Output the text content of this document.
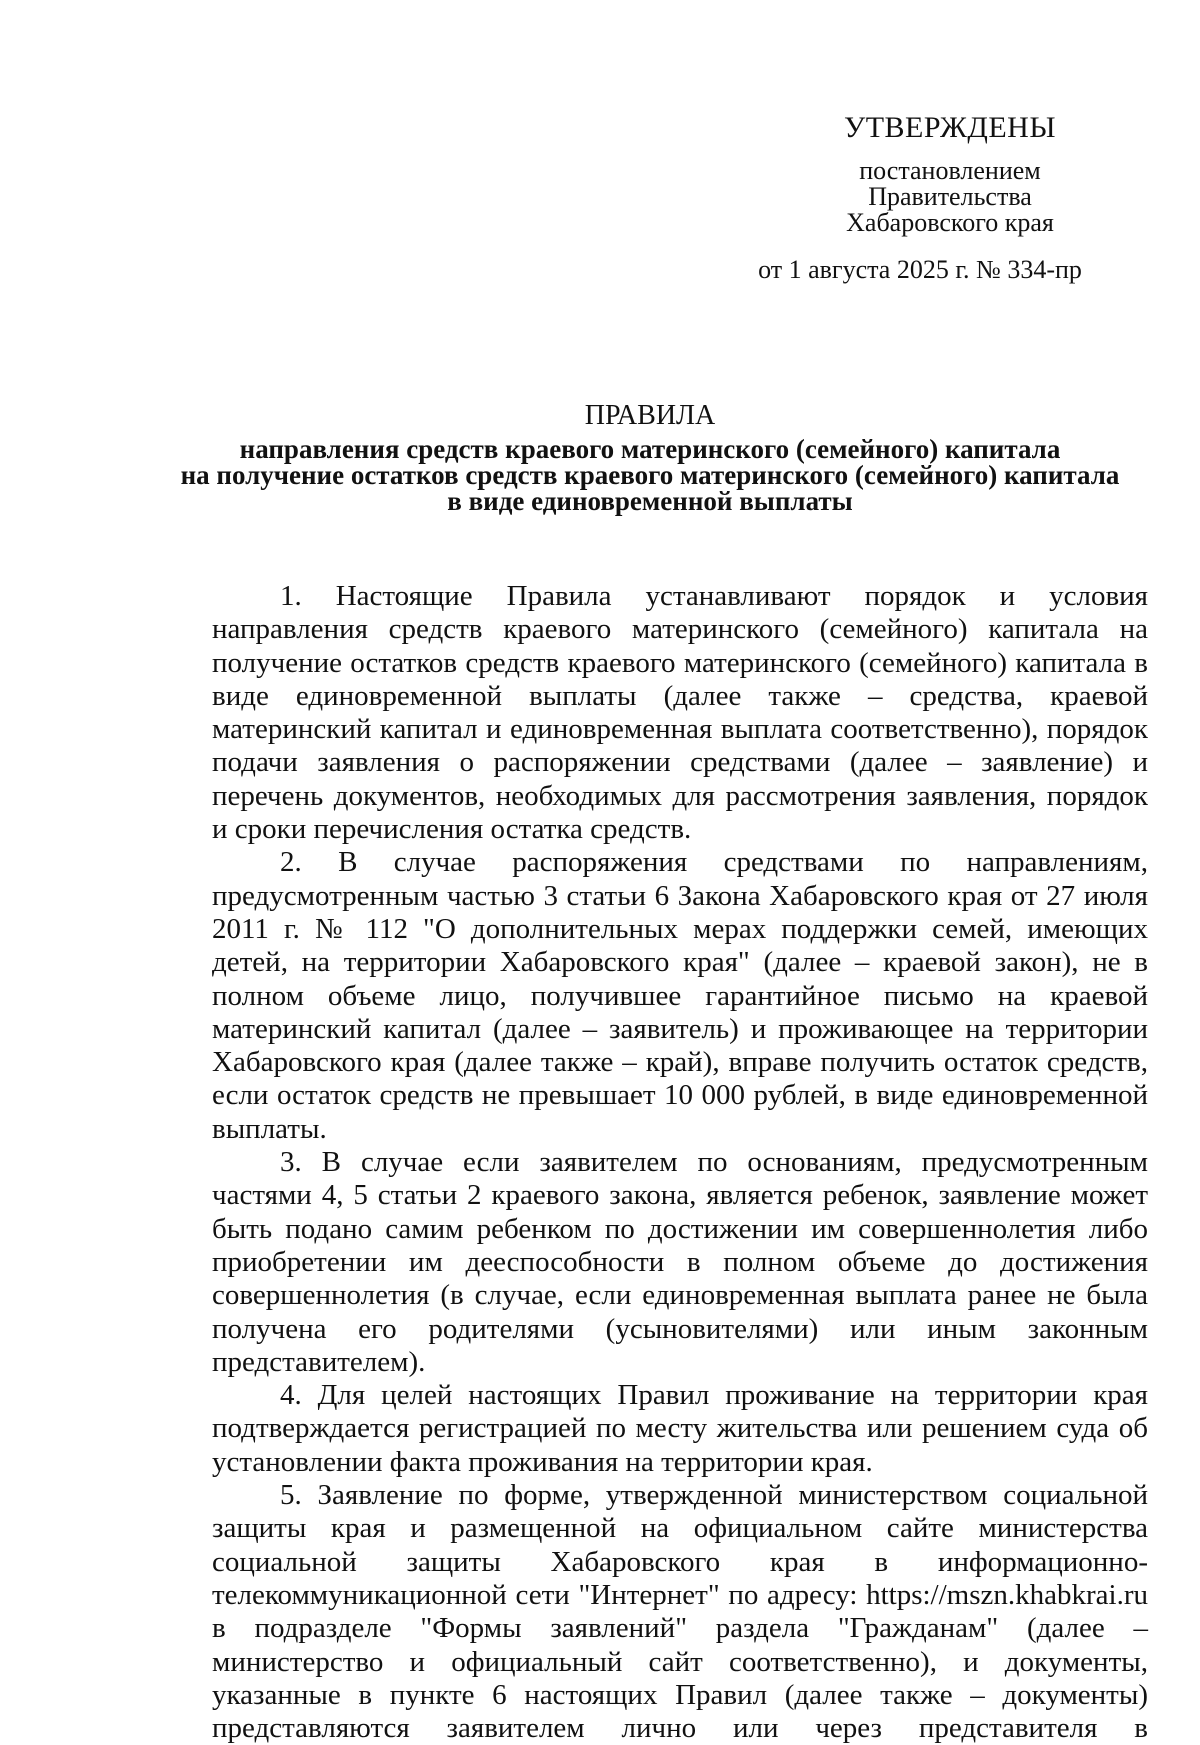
УТВЕРЖДЕНЫ
постановлением
Правительства
Хабаровского края
от 1 августа 2025 г. № 334-пр
ПРАВИЛА
направления средств краевого материнского (семейного) капитала
на получение остатков средств краевого материнского (семейного) капитала
в виде единовременной выплаты

1. Настоящие Правила устанавливают порядок и условия направления средств краевого материнского (семейного) капитала на получение остатков средств краевого материнского (семейного) капитала в виде единовременной выплаты (далее также – средства, краевой материнский капитал и единовременная выплата соответственно), порядок подачи заявления о распоряжении средствами (далее – заявление) и перечень документов, необходимых для рассмотрения заявления, порядок и сроки перечисления остатка средств.

2. В случае распоряжения средствами по направлениям, предусмотренным частью 3 статьи 6 Закона Хабаровского края от 27 июля 2011 г. № 112 "О дополнительных мерах поддержки семей, имеющих детей, на территории Хабаровского края" (далее – краевой закон), не в полном объеме лицо, получившее гарантийное письмо на краевой материнский капитал (далее – заявитель) и проживающее на территории Хабаровского края (далее также – край), вправе получить остаток средств, если остаток средств не превышает 10 000 рублей, в виде единовременной выплаты.

3. В случае если заявителем по основаниям, предусмотренным частями 4, 5 статьи 2 краевого закона, является ребенок, заявление может быть подано самим ребенком по достижении им совершеннолетия либо приобретении им дееспособности в полном объеме до достижения совершеннолетия (в случае, если единовременная выплата ранее не была получена его родителями (усыновителями) или иным законным представителем).

4. Для целей настоящих Правил проживание на территории края подтверждается регистрацией по месту жительства или решением суда об установлении факта проживания на территории края.

5. Заявление по форме, утвержденной министерством социальной защиты края и размещенной на официальном сайте министерства социальной защиты Хабаровского края в информационно-телекоммуникационной сети "Интернет" по адресу: https://mszn.khabkrai.ru в подразделе "Формы заявлений" раздела "Гражданам" (далее – министерство и официальный сайт соответственно), и документы, указанные в пункте 6 настоящих Правил (далее также – документы) представляются заявителем лично или через представителя в
